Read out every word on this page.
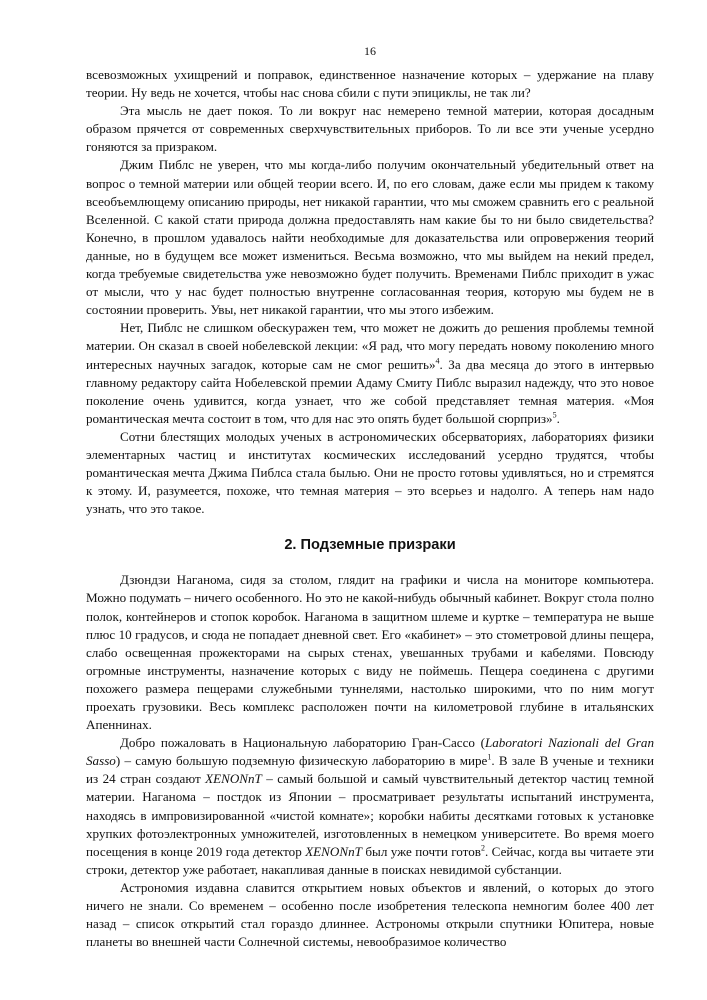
16

всевозможных ухищрений и поправок, единственное назначение которых – удержание на плаву теории. Ну ведь не хочется, чтобы нас снова сбили с пути эпициклы, не так ли?

Эта мысль не дает покоя. То ли вокруг нас немерено темной материи, которая досадным образом прячется от современных сверхчувствительных приборов. То ли все эти ученые усердно гоняются за призраком.

Джим Пиблс не уверен, что мы когда-либо получим окончательный убедительный ответ на вопрос о темной материи или общей теории всего. И, по его словам, даже если мы придем к такому всеобъемлющему описанию природы, нет никакой гарантии, что мы сможем сравнить его с реальной Вселенной. С какой стати природа должна предоставлять нам какие бы то ни было свидетельства? Конечно, в прошлом удавалось найти необходимые для доказательства или опровержения теорий данные, но в будущем все может измениться. Весьма возможно, что мы выйдем на некий предел, когда требуемые свидетельства уже невозможно будет получить. Временами Пиблс приходит в ужас от мысли, что у нас будет полностью внутренне согласованная теория, которую мы будем не в состоянии проверить. Увы, нет никакой гарантии, что мы этого избежим.

Нет, Пиблс не слишком обескуражен тем, что может не дожить до решения проблемы темной материи. Он сказал в своей нобелевской лекции: «Я рад, что могу передать новому поколению много интересных научных загадок, которые сам не смог решить»$^4$. За два месяца до этого в интервью главному редактору сайта Нобелевской премии Адаму Смиту Пиблс выразил надежду, что это новое поколение очень удивится, когда узнает, что же собой представляет темная материя. «Моя романтическая мечта состоит в том, что для нас это опять будет большой сюрприз»$^5$.

Сотни блестящих молодых ученых в астрономических обсерваториях, лабораториях физики элементарных частиц и институтах космических исследований усердно трудятся, чтобы романтическая мечта Джима Пиблса стала былью. Они не просто готовы удивляться, но и стремятся к этому. И, разумеется, похоже, что темная материя – это всерьез и надолго. А теперь нам надо узнать, что это такое.

2. Подземные призраки

Дзюндзи Наганома, сидя за столом, глядит на графики и числа на мониторе компьютера. Можно подумать – ничего особенного. Но это не какой-нибудь обычный кабинет. Вокруг стола полно полок, контейнеров и стопок коробок. Наганома в защитном шлеме и куртке – температура не выше плюс 10 градусов, и сюда не попадает дневной свет. Его «кабинет» – это стометровой длины пещера, слабо освещенная прожекторами на сырых стенах, увешанных трубами и кабелями. Повсюду огромные инструменты, назначение которых с виду не поймешь. Пещера соединена с другими похожего размера пещерами служебными туннелями, настолько широкими, что по ним могут проехать грузовики. Весь комплекс расположен почти на километровой глубине в итальянских Апеннинах.

Добро пожаловать в Национальную лабораторию Гран-Сассо (Laboratori Nazionali del Gran Sasso) – самую большую подземную физическую лабораторию в мире$^1$. В зале B ученые и техники из 24 стран создают XENONnT – самый большой и самый чувствительный детектор частиц темной материи. Наганома – постдок из Японии – просматривает результаты испытаний инструмента, находясь в импровизированной «чистой комнате»; коробки набиты десятками готовых к установке хрупких фотоэлектронных умножителей, изготовленных в немецком университете. Во время моего посещения в конце 2019 года детектор XENONnT был уже почти готов$^2$. Сейчас, когда вы читаете эти строки, детектор уже работает, накапливая данные в поисках невидимой субстанции.

Астрономия издавна славится открытием новых объектов и явлений, о которых до этого ничего не знали. Со временем – особенно после изобретения телескопа немногим более 400 лет назад – список открытий стал гораздо длиннее. Астрономы открыли спутники Юпитера, новые планеты во внешней части Солнечной системы, невообразимое количество
